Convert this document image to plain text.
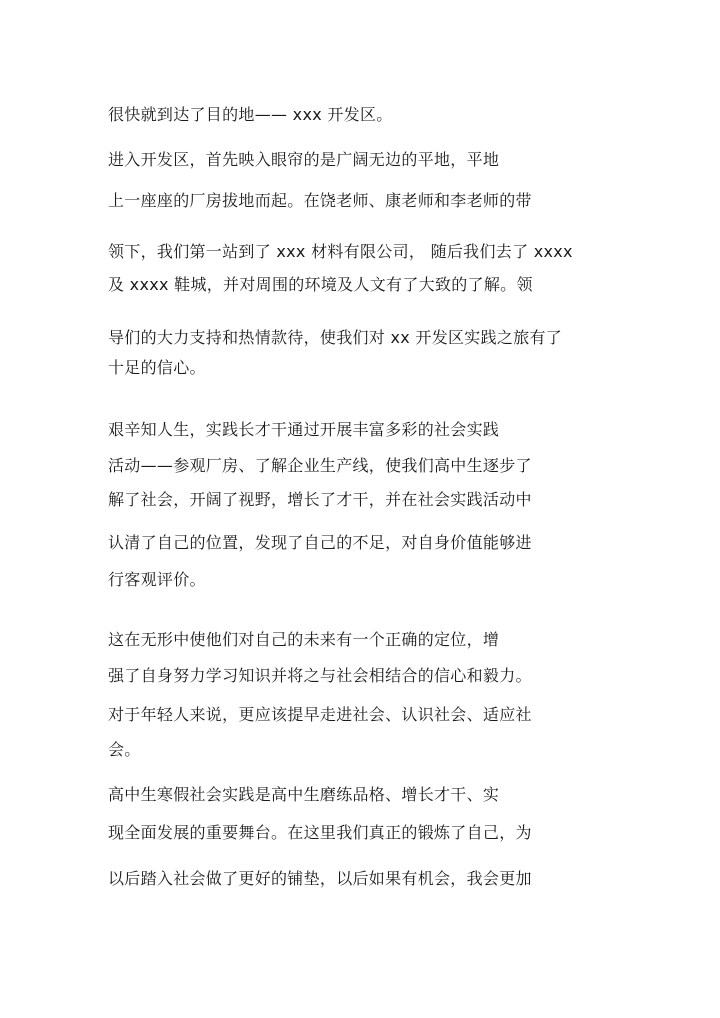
很快就到达了目的地—— xxx 开发区。
进入开发区，首先映入眼帘的是广阔无边的平地，平地
上一座座的厂房拔地而起。在饶老师、康老师和李老师的带
领下，我们第一站到了 xxx 材料有限公司， 随后我们去了 xxxx
及 xxxx 鞋城，并对周围的环境及人文有了大致的了解。领
导们的大力支持和热情款待，使我们对 xx 开发区实践之旅有了
十足的信心。
艰辛知人生，实践长才干通过开展丰富多彩的社会实践
活动——参观厂房、了解企业生产线，使我们高中生逐步了
解了社会，开阔了视野，增长了才干，并在社会实践活动中
认清了自己的位置，发现了自己的不足，对自身价值能够进
行客观评价。
这在无形中使他们对自己的未来有一个正确的定位，增
强了自身努力学习知识并将之与社会相结合的信心和毅力。
对于年轻人来说，更应该提早走进社会、认识社会、适应社
会。
高中生寒假社会实践是高中生磨练品格、增长才干、实
现全面发展的重要舞台。在这里我们真正的锻炼了自己，为
以后踏入社会做了更好的铺垫，以后如果有机会，我会更加
